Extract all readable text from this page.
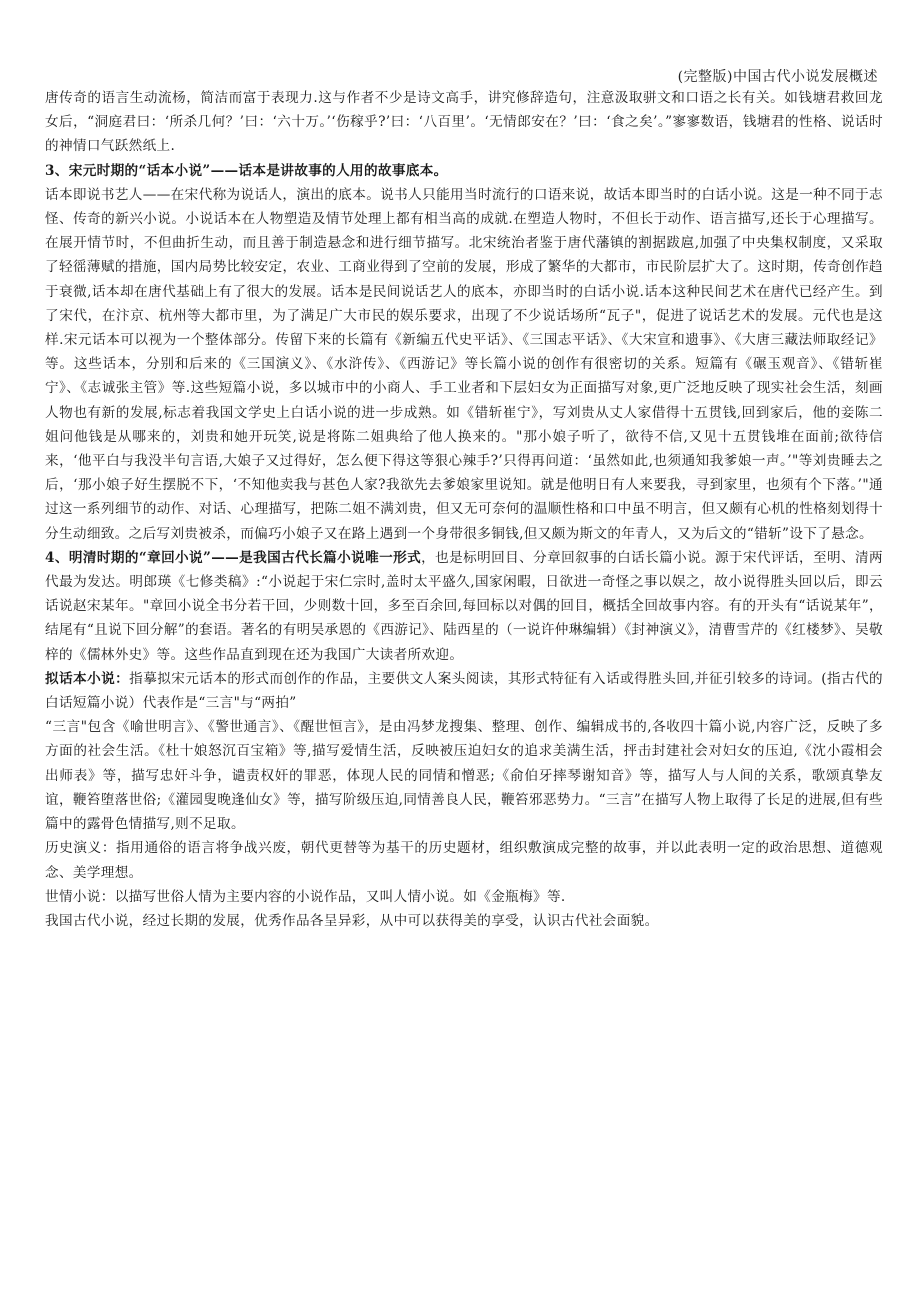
(完整版)中国古代小说发展概述

唐传奇的语言生动流杨，简洁而富于表现力.这与作者不少是诗文高手，讲究修辞造句，注意汲取骈文和口语之长有关。如钱塘君救回龙女后，“洞庭君曰：‘所杀几何？’曰：‘六十万。’‘伤稼乎?’曰：‘八百里’。‘无情郎安在？’曰：‘食之矣’。”寥寥数语，钱塘君的性格、说话时的神情口气跃然纸上.

3、宋元时期的“话本小说”——话本是讲故事的人用的故事底本。

话本即说书艺人——在宋代称为说话人，演出的底本。说书人只能用当时流行的口语来说，故话本即当时的白话小说。这是一种不同于志怪、传奇的新兴小说。小说话本在人物塑造及情节处理上都有相当高的成就.在塑造人物时，不但长于动作、语言描写,还长于心理描写。在展开情节时，不但曲折生动，而且善于制造悬念和进行细节描写。北宋统治者鉴于唐代藩镇的割据跋扈,加强了中央集权制度，又采取了轻徭薄赋的措施，国内局势比较安定，农业、工商业得到了空前的发展，形成了繁华的大都市，市民阶层扩大了。这时期，传奇创作趋于衰微,话本却在唐代基础上有了很大的发展。话本是民间说话艺人的底本，亦即当时的白话小说.话本这种民间艺术在唐代已经产生。到了宋代，在汴京、杭州等大都市里，为了满足广大市民的娱乐要求，出现了不少说话场所“瓦子"，促进了说话艺术的发展。元代也是这样.宋元话本可以视为一个整体部分。传留下来的长篇有《新编五代史平话》、《三国志平话》、《大宋宣和遗事》、《大唐三藏法师取经记》等。这些话本，分别和后来的《三国演义》、《水浒传》、《西游记》等长篇小说的创作有很密切的关系。短篇有《碾玉观音》、《错斩崔宁》、《志诚张主管》等.这些短篇小说，多以城市中的小商人、手工业者和下层妇女为正面描写对象,更广泛地反映了现实社会生活，刻画人物也有新的发展,标志着我国文学史上白话小说的进一步成熟。如《错斩崔宁》，写刘贵从丈人家借得十五贯钱,回到家后，他的妾陈二姐问他钱是从哪来的，刘贵和她开玩笑,说是将陈二姐典给了他人换来的。"那小娘子听了，欲待不信,又见十五贯钱堆在面前;欲待信来，‘他平白与我没半句言语,大娘子又过得好，怎么便下得这等狠心辣手?’只得再问道：‘虽然如此,也须通知我爹娘一声。’"等刘贵睡去之后，‘那小娘子好生摆脱不下，‘不知他卖我与甚色人家?我欲先去爹娘家里说知。就是他明日有人来要我，寻到家里，也须有个下落。’"通过这一系列细节的动作、对话、心理描写，把陈二姐不满刘贵，但又无可奈何的温顺性格和口中虽不明言，但又颇有心机的性格刻划得十分生动细致。之后写刘贵被杀，而偏巧小娘子又在路上遇到一个身带很多铜钱,但又颇为斯文的年青人，又为后文的“错斩”设下了悬念。

4、明清时期的“章回小说”——是我国古代长篇小说唯一形式，也是标明回目、分章回叙事的白话长篇小说。源于宋代评话，至明、清两代最为发达。明郎瑛《七修类稿》:“小说起于宋仁宗时,盖时太平盛久,国家闲暇，日欲进一奇怪之事以娱之，故小说得胜头回以后，即云话说赵宋某年。"章回小说全书分若干回，少则数十回，多至百余回,每回标以对偶的回目，概括全回故事内容。有的开头有“话说某年”，结尾有“且说下回分解”的套语。著名的有明吴承恩的《西游记》、陆西星的（一说许仲琳编辑）《封神演义》，清曹雪芹的《红楼梦》、吴敬梓的《儒林外史》等。这些作品直到现在还为我国广大读者所欢迎。

拟话本小说：指摹拟宋元话本的形式而创作的作品，主要供文人案头阅读，其形式特征有入话或得胜头回,并征引较多的诗词。(指古代的白话短篇小说）代表作是“三言"与“两拍”

“三言"包含《喻世明言》、《警世通言》、《醒世恒言》，是由冯梦龙搜集、整理、创作、编辑成书的,各收四十篇小说,内容广泛，反映了多方面的社会生活。《杜十娘怒沉百宝箱》等,描写爱情生活，反映被压迫妇女的追求美满生活，抨击封建社会对妇女的压迫,《沈小霞相会出师表》等，描写忠奸斗争，谴责权奸的罪恶，体现人民的同情和憎恶;《俞伯牙摔琴谢知音》等，描写人与人间的关系，歌颂真挚友谊，鞭笞堕落世俗;《灌园叟晚逢仙女》等，描写阶级压迫,同情善良人民，鞭笞邪恶势力。“三言”在描写人物上取得了长足的进展,但有些篇中的露骨色情描写,则不足取。

历史演义：指用通俗的语言将争战兴废，朝代更替等为基干的历史题材，组织敷演成完整的故事，并以此表明一定的政治思想、道德观念、美学理想。

世情小说：以描写世俗人情为主要内容的小说作品，又叫人情小说。如《金瓶梅》等.

我国古代小说，经过长期的发展，优秀作品各呈异彩，从中可以获得美的享受，认识古代社会面貌。
